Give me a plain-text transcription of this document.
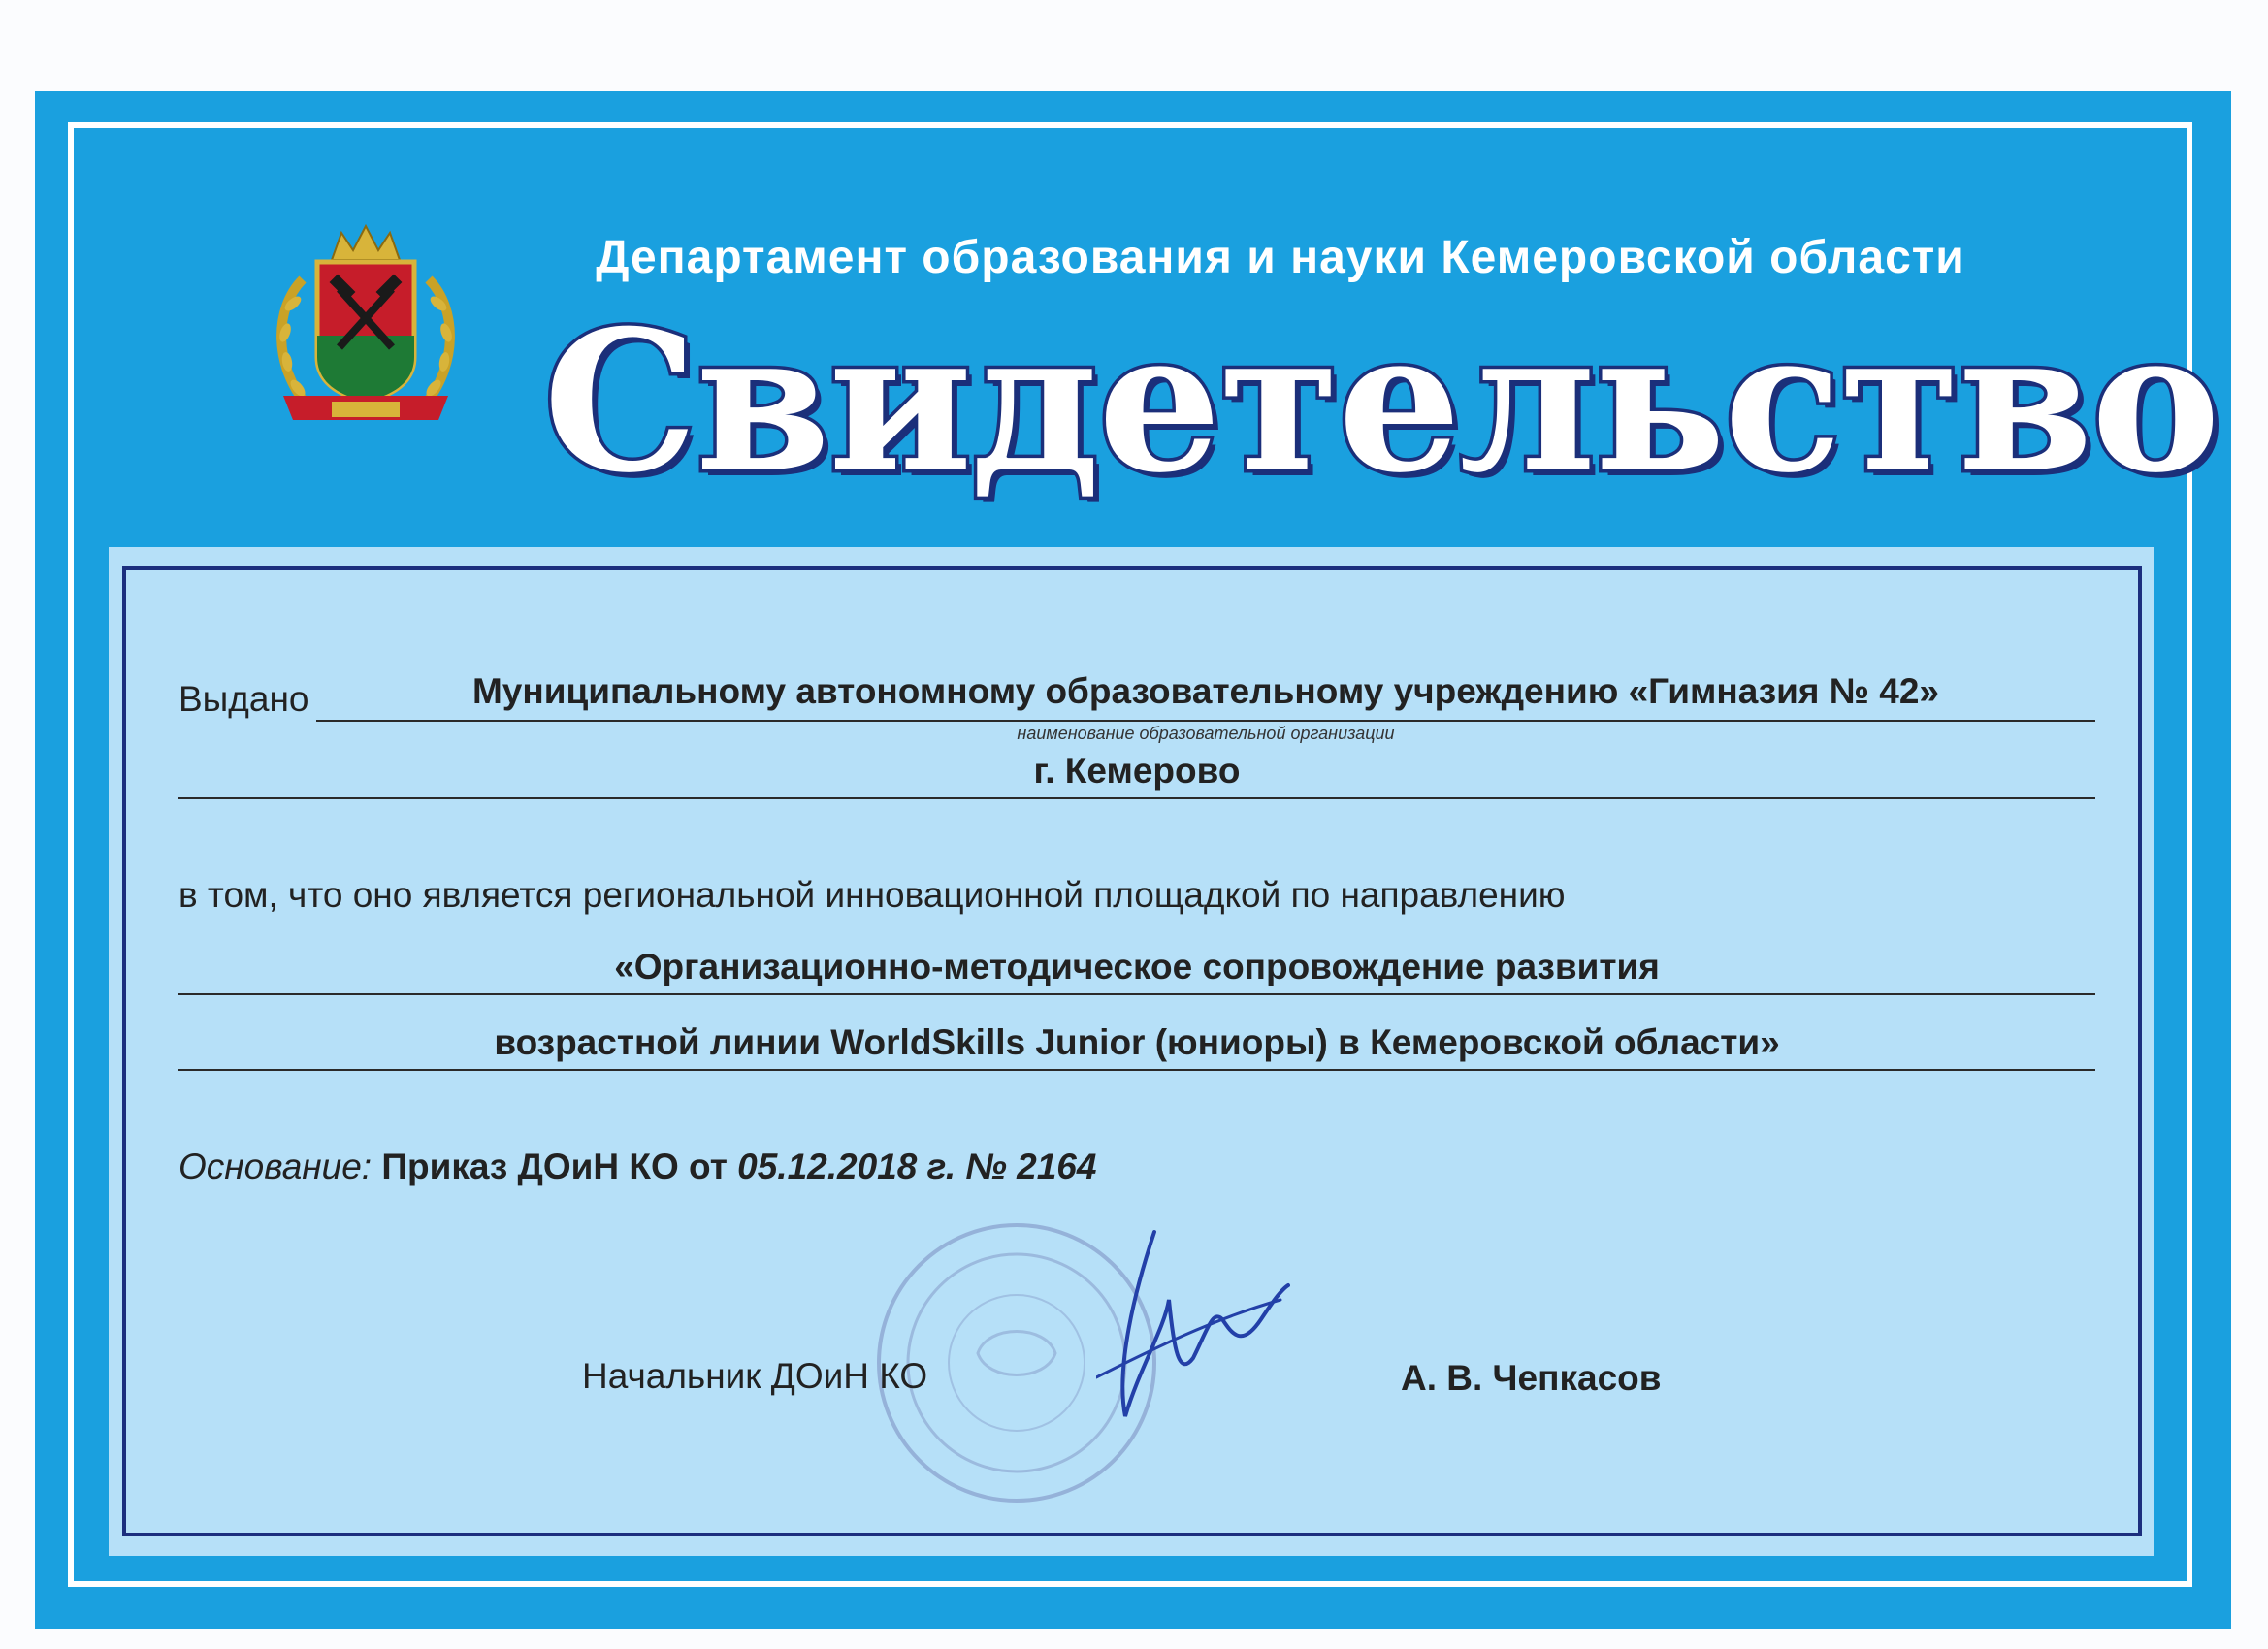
Департамент образования и науки Кемеровской области
Свидетельство
Выдано	Муниципальному автономному образовательному учреждению «Гимназия № 42»
наименование образовательной организации
г. Кемерово
в том, что оно является региональной инновационной площадкой по направлению
«Организационно-методическое сопровождение развития
возрастной линии WorldSkills Junior (юниоры) в Кемеровской области»
Основание: Приказ ДОиН КО от 05.12.2018 г. № 2164
Начальник ДОиН КО	А. В. Чепкасов
